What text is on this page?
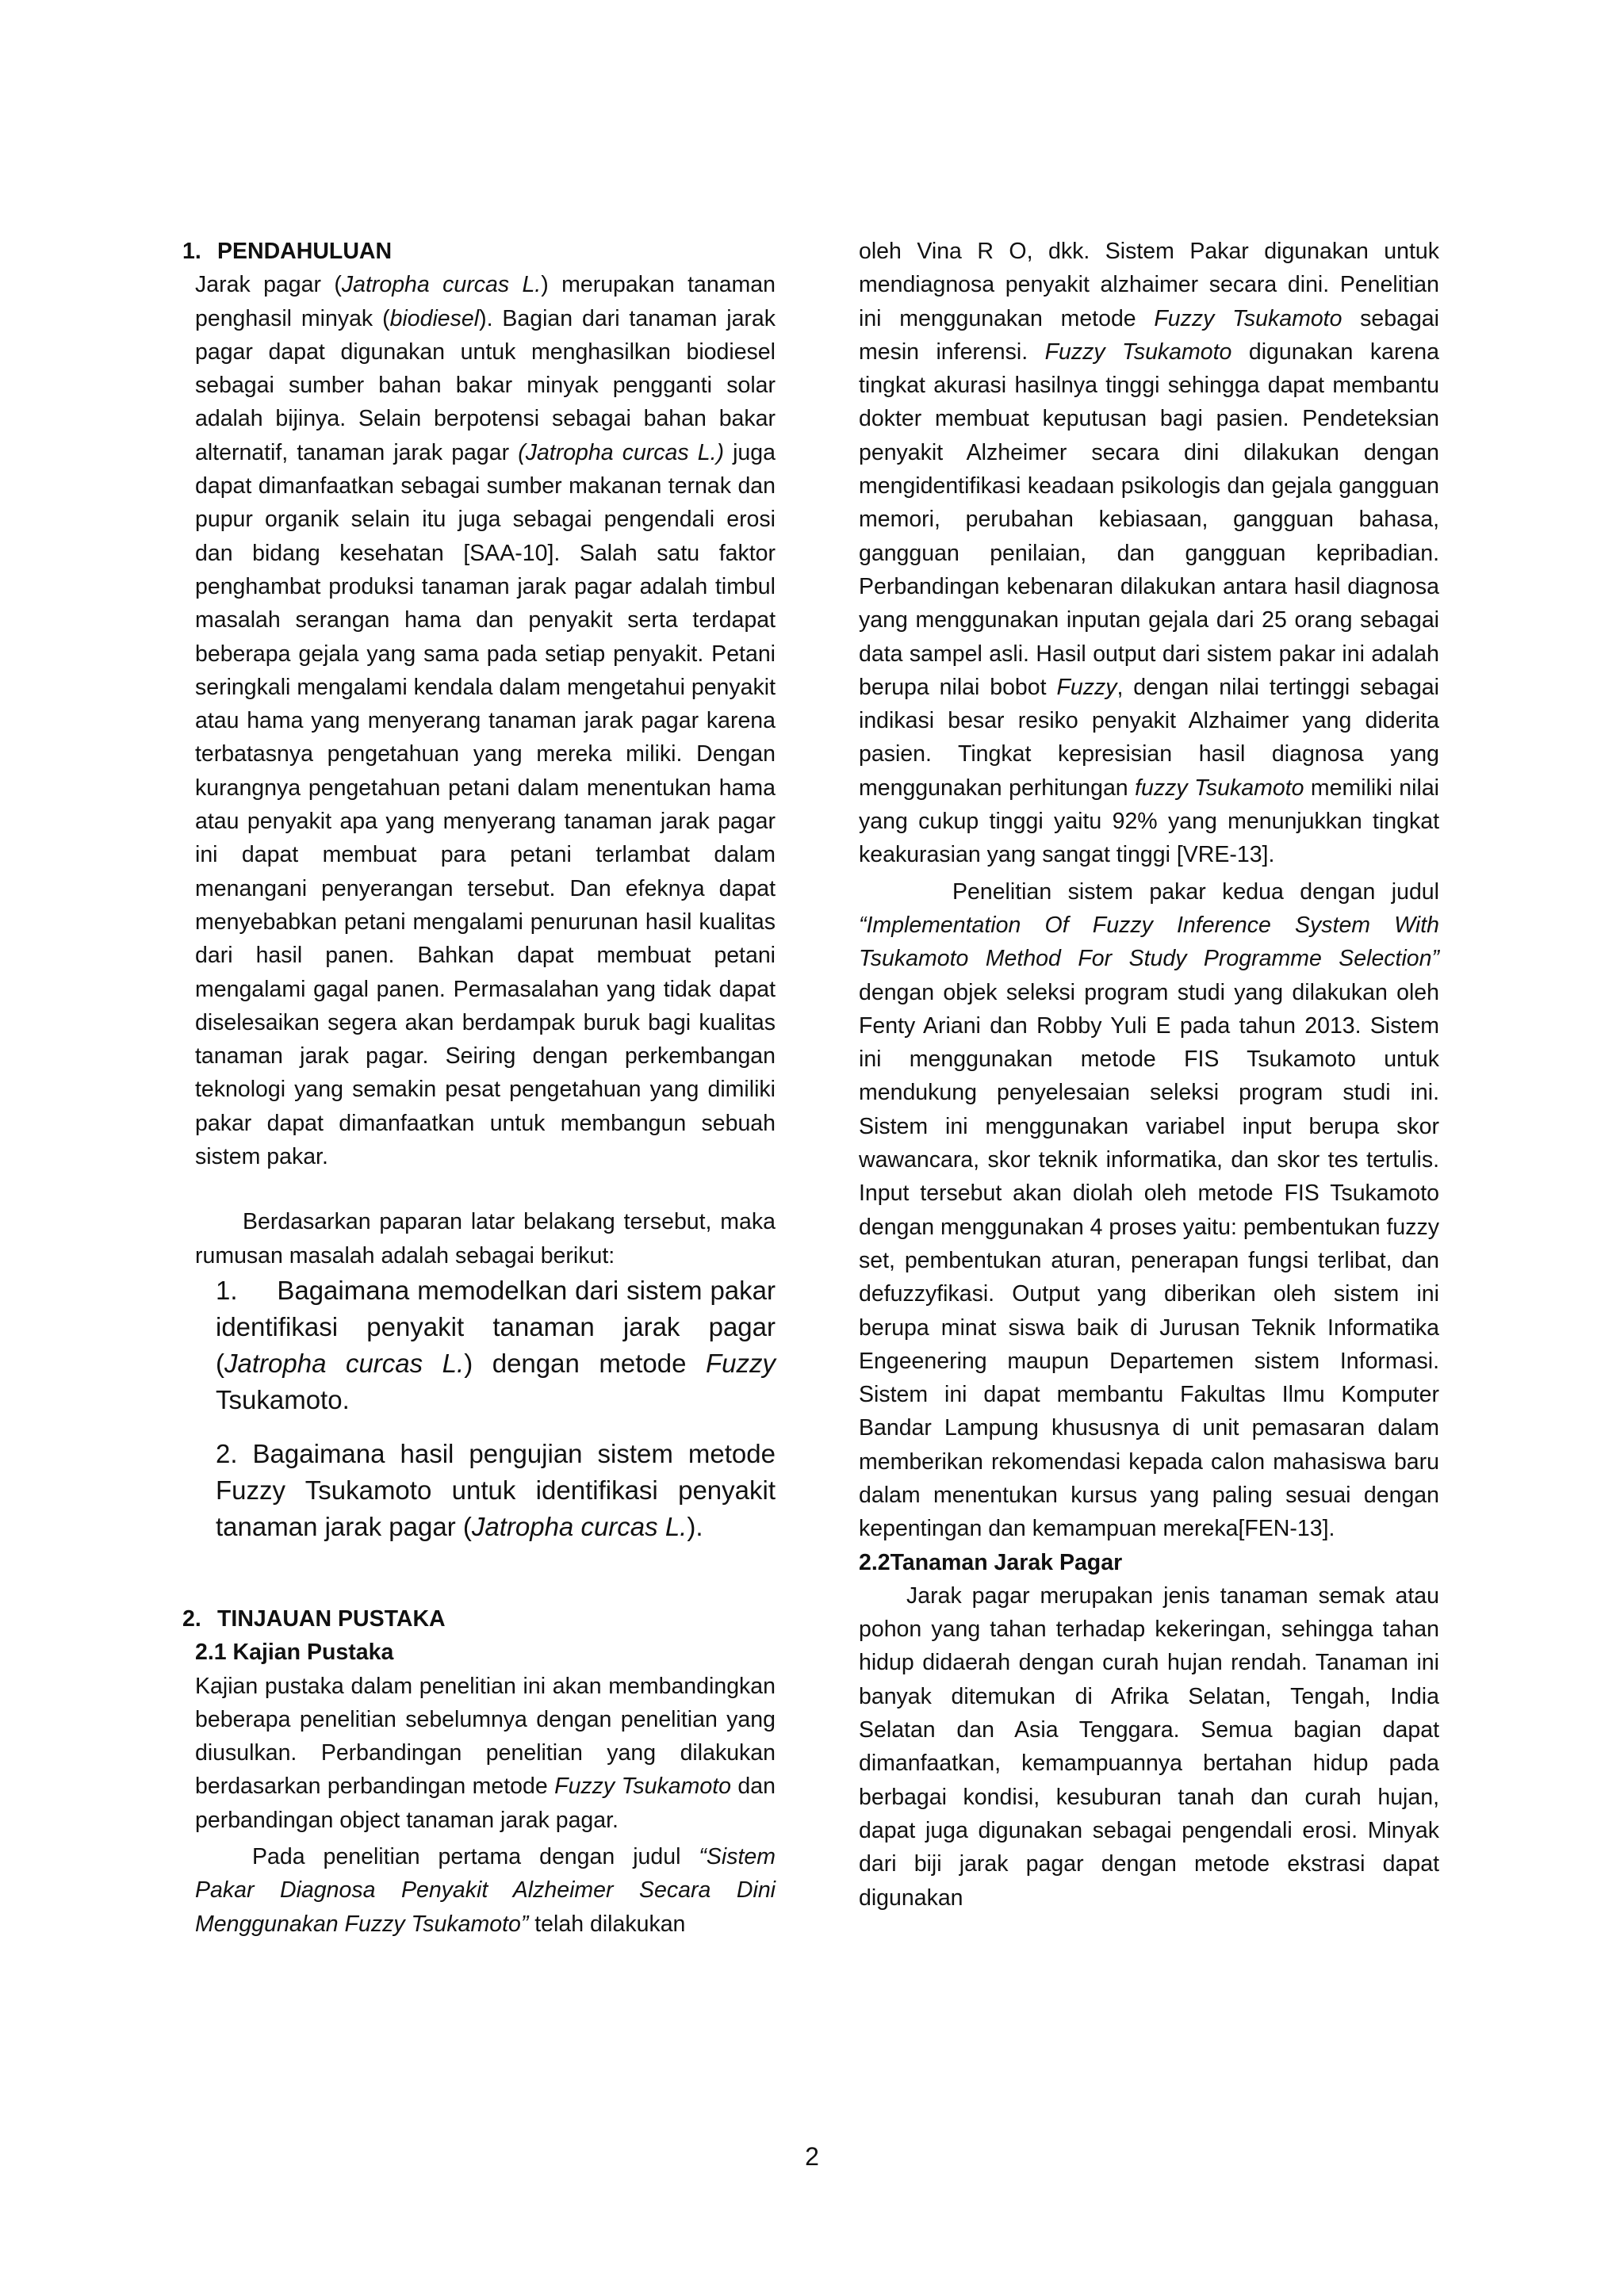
1. PENDAHULUAN

Jarak pagar (Jatropha curcas L.) merupakan tanaman penghasil minyak (biodiesel). Bagian dari tanaman jarak pagar dapat digunakan untuk menghasilkan biodiesel sebagai sumber bahan bakar minyak pengganti solar adalah bijinya. Selain berpotensi sebagai bahan bakar alternatif, tanaman jarak pagar (Jatropha curcas L.) juga dapat dimanfaatkan sebagai sumber makanan ternak dan pupur organik selain itu juga sebagai pengendali erosi dan bidang kesehatan [SAA-10]. Salah satu faktor penghambat produksi tanaman jarak pagar adalah timbul masalah serangan hama dan penyakit serta terdapat beberapa gejala yang sama pada setiap penyakit. Petani seringkali mengalami kendala dalam mengetahui penyakit atau hama yang menyerang tanaman jarak pagar karena terbatasnya pengetahuan yang mereka miliki. Dengan kurangnya pengetahuan petani dalam menentukan hama atau penyakit apa yang menyerang tanaman jarak pagar ini dapat membuat para petani terlambat dalam menangani penyerangan tersebut. Dan efeknya dapat menyebabkan petani mengalami penurunan hasil kualitas dari hasil panen. Bahkan dapat membuat petani mengalami gagal panen. Permasalahan yang tidak dapat diselesaikan segera akan berdampak buruk bagi kualitas tanaman jarak pagar. Seiring dengan perkembangan teknologi yang semakin pesat pengetahuan yang dimiliki pakar dapat dimanfaatkan untuk membangun sebuah sistem pakar.

Berdasarkan paparan latar belakang tersebut, maka rumusan masalah adalah sebagai berikut:

1.     Bagaimana memodelkan dari sistem pakar identifikasi penyakit tanaman jarak pagar (Jatropha curcas L.) dengan metode Fuzzy Tsukamoto.

2. Bagaimana hasil pengujian sistem metode Fuzzy Tsukamoto untuk identifikasi penyakit tanaman jarak pagar (Jatropha curcas L.).

2. TINJAUAN PUSTAKA

2.1 Kajian Pustaka

Kajian pustaka dalam penelitian ini akan membandingkan beberapa penelitian sebelumnya dengan penelitian yang diusulkan. Perbandingan penelitian yang dilakukan berdasarkan perbandingan metode Fuzzy Tsukamoto dan perbandingan object tanaman jarak pagar.

Pada penelitian pertama dengan judul “Sistem Pakar Diagnosa Penyakit Alzheimer Secara Dini Menggunakan Fuzzy Tsukamoto” telah dilakukan

oleh Vina R O, dkk. Sistem Pakar digunakan untuk mendiagnosa penyakit alzhaimer secara dini. Penelitian ini menggunakan metode Fuzzy Tsukamoto sebagai mesin inferensi. Fuzzy Tsukamoto digunakan karena tingkat akurasi hasilnya tinggi sehingga dapat membantu dokter membuat keputusan bagi pasien. Pendeteksian penyakit Alzheimer secara dini dilakukan dengan mengidentifikasi keadaan psikologis dan gejala gangguan memori, perubahan kebiasaan, gangguan bahasa, gangguan penilaian, dan gangguan kepribadian. Perbandingan kebenaran dilakukan antara hasil diagnosa yang menggunakan inputan gejala dari 25 orang sebagai data sampel asli. Hasil output dari sistem pakar ini adalah berupa nilai bobot Fuzzy, dengan nilai tertinggi sebagai indikasi besar resiko penyakit Alzhaimer yang diderita pasien. Tingkat kepresisian hasil diagnosa yang menggunakan perhitungan fuzzy Tsukamoto memiliki nilai yang cukup tinggi yaitu 92% yang menunjukkan tingkat keakurasian yang sangat tinggi [VRE-13].

Penelitian sistem pakar kedua dengan judul “Implementation Of Fuzzy Inference System With Tsukamoto Method For Study Programme Selection” dengan objek seleksi program studi yang dilakukan oleh Fenty Ariani dan Robby Yuli E pada tahun 2013. Sistem ini menggunakan metode FIS Tsukamoto untuk mendukung penyelesaian seleksi program studi ini. Sistem ini menggunakan variabel input berupa skor wawancara, skor teknik informatika, dan skor tes tertulis. Input tersebut akan diolah oleh metode FIS Tsukamoto dengan menggunakan 4 proses yaitu: pembentukan fuzzy set, pembentukan aturan, penerapan fungsi terlibat, dan defuzzyfikasi. Output yang diberikan oleh sistem ini berupa minat siswa baik di Jurusan Teknik Informatika Engeenering maupun Departemen sistem Informasi. Sistem ini dapat membantu Fakultas Ilmu Komputer Bandar Lampung khususnya di unit pemasaran dalam memberikan rekomendasi kepada calon mahasiswa baru dalam menentukan kursus yang paling sesuai dengan kepentingan dan kemampuan mereka[FEN-13].

2.2Tanaman Jarak Pagar

Jarak pagar merupakan jenis tanaman semak atau pohon yang tahan terhadap kekeringan, sehingga tahan hidup didaerah dengan curah hujan rendah. Tanaman ini banyak ditemukan di Afrika Selatan, Tengah, India Selatan dan Asia Tenggara. Semua bagian dapat dimanfaatkan, kemampuannya bertahan hidup pada berbagai kondisi, kesuburan tanah dan curah hujan, dapat juga digunakan sebagai pengendali erosi. Minyak dari biji jarak pagar dengan metode ekstrasi dapat digunakan

2
